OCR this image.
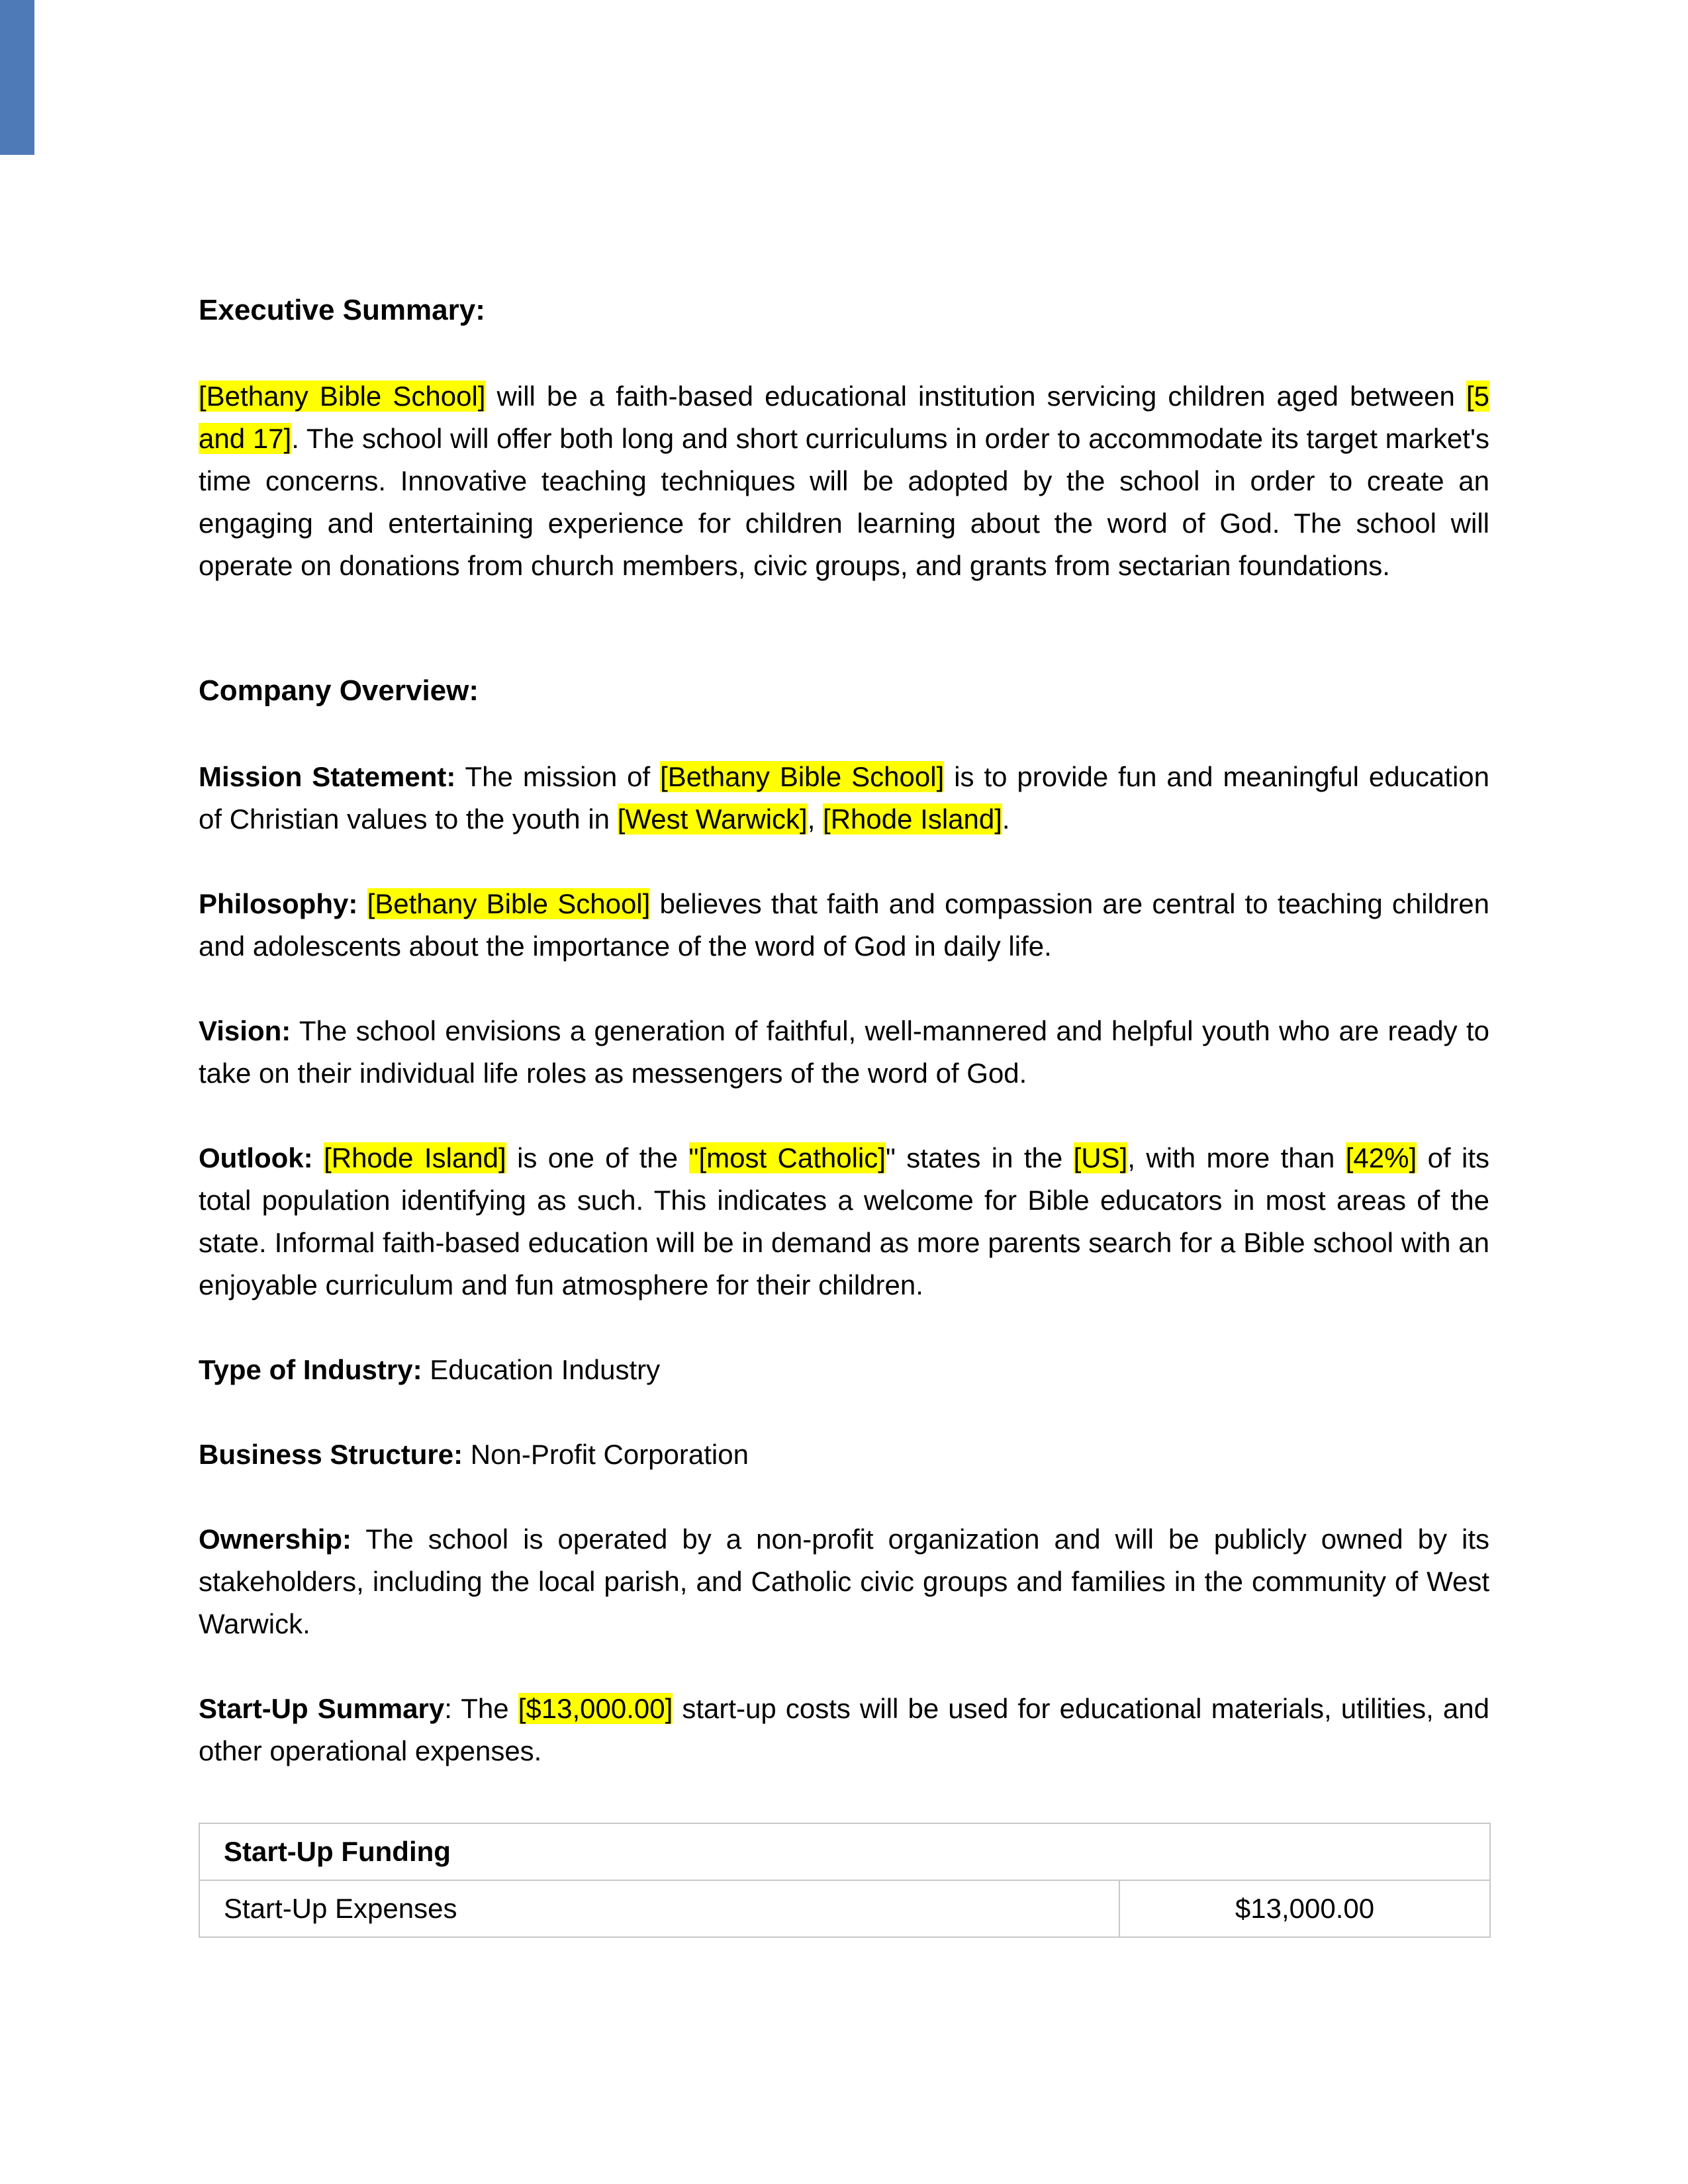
Executive Summary:

[Bethany Bible School] will be a faith-based educational institution servicing children aged between [5 and 17]. The school will offer both long and short curriculums in order to accommodate its target market's time concerns. Innovative teaching techniques will be adopted by the school in order to create an engaging and entertaining experience for children learning about the word of God. The school will operate on donations from church members, civic groups, and grants from sectarian foundations.

Company Overview:

Mission Statement: The mission of [Bethany Bible School] is to provide fun and meaningful education of Christian values to the youth in [West Warwick], [Rhode Island].

Philosophy: [Bethany Bible School] believes that faith and compassion are central to teaching children and adolescents about the importance of the word of God in daily life.

Vision: The school envisions a generation of faithful, well-mannered and helpful youth who are ready to take on their individual life roles as messengers of the word of God.

Outlook: [Rhode Island] is one of the "[most Catholic]" states in the [US], with more than [42%] of its total population identifying as such. This indicates a welcome for Bible educators in most areas of the state. Informal faith-based education will be in demand as more parents search for a Bible school with an enjoyable curriculum and fun atmosphere for their children.

Type of Industry: Education Industry

Business Structure: Non-Profit Corporation

Ownership: The school is operated by a non-profit organization and will be publicly owned by its stakeholders, including the local parish, and Catholic civic groups and families in the community of West Warwick.

Start-Up Summary: The [$13,000.00] start-up costs will be used for educational materials, utilities, and other operational expenses.

Start-Up Funding
Start-Up Expenses	$13,000.00
